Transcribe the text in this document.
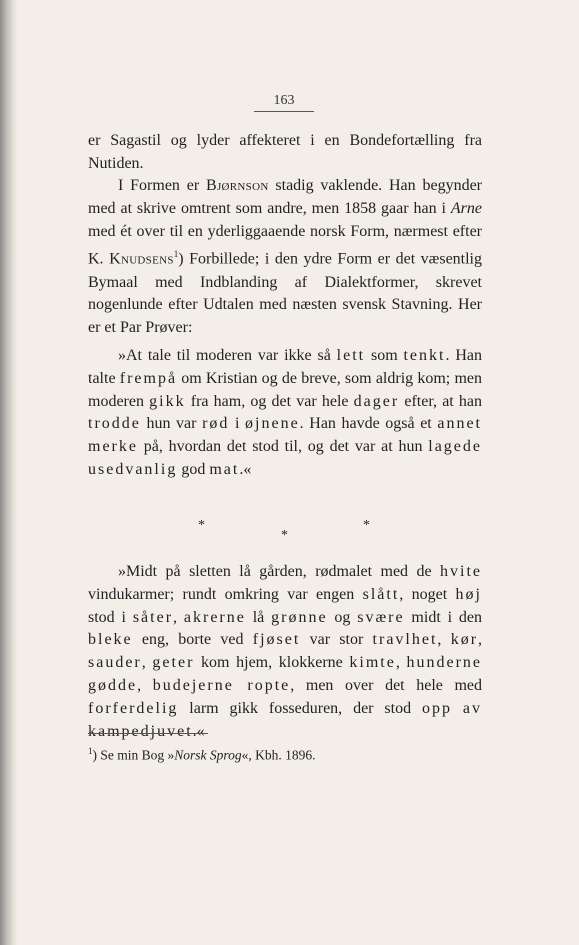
163

er Sagastil og lyder affekteret i en Bondefortælling fra Nutiden.

I Formen er Bjørnson stadig vaklende. Han begynder med at skrive omtrent som andre, men 1858 gaar han i Arne med ét over til en yderliggaaende norsk Form, nærmest efter K. Knudsens$^1$) Forbillede; i den ydre Form er det væsentlig Bymaal med Indblanding af Dialektformer, skrevet nogenlunde efter Udtalen med næsten svensk Stavning. Her er et Par Prøver:

»At tale til moderen var ikke så lett som tenkt. Han talte frempå om Kristian og de breve, som aldrig kom; men moderen gikk fra ham, og det var hele dager efter, at han trodde hun var rød i øjnene. Han havde også et annet merke på, hvordan det stod til, og det var at hun lagede usedvanlig god mat.«

*
*
*

»Midt på sletten lå gården, rødmalet med de hvite vindukarmer; rundt omkring var engen slått, noget høj stod i såter, akrerne lå grønne og svære midt i den bleke eng, borte ved fjøset var stor travlhet, kør, sauder, geter kom hjem, klokkerne kimte, hunderne gødde, budejerne ropte, men over det hele med forferdelig larm gikk fosseduren, der stod opp av kampedjuvet.«

$^1$) Se min Bog »Norsk Sprog«, Kbh. 1896.
